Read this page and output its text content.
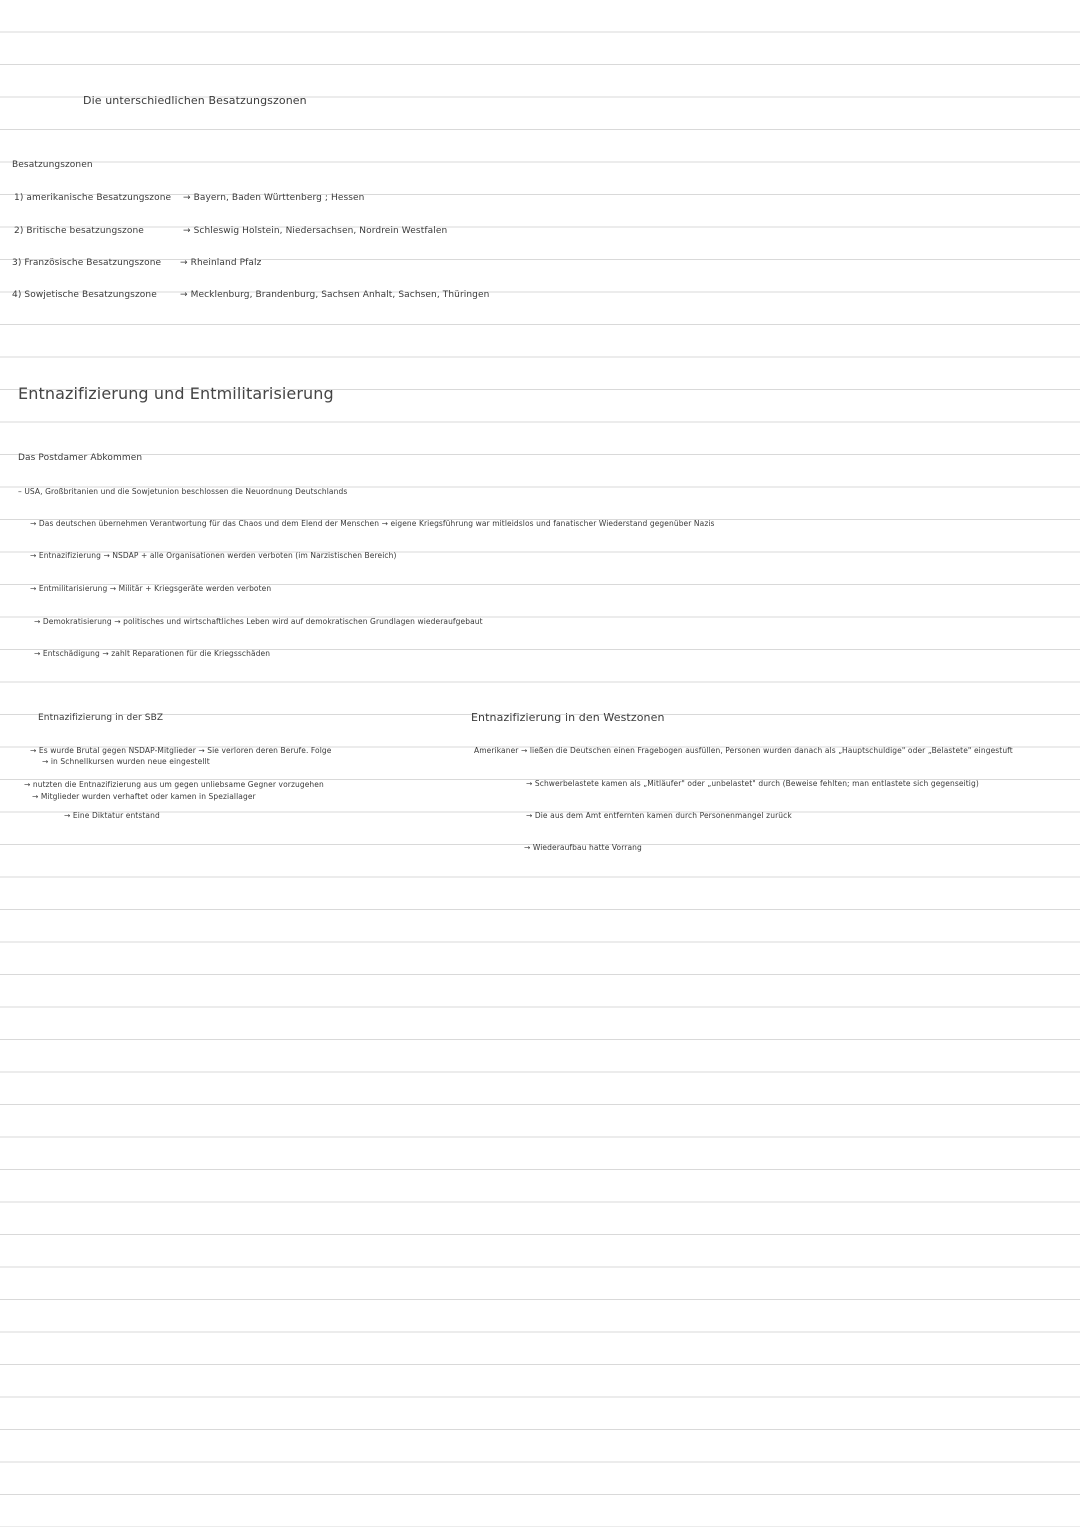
Die unterschiedlichen Besatzungszonen
Besatzungszonen
1) amerikanische Besatzungszone → Bayern, Baden Württenberg ; Hessen
2) Britische besatzungszone	→ Schleswig Holstein, Niedersachsen, Nordrein Westfalen
3) Französische Besatzungszone → Rheinland Pfalz
4) Sowjetische Besatzungszone	→ Mecklenburg, Brandenburg, Sachsen Anhalt, Sachsen, Thüringen
Entnazifizierung und Entmilitarisierung
Das Postdamer Abkommen
– USA, Großbritanien und die Sowjetunion beschlossen die Neuordnung Deutschlands
→ Das deutschen übernehmen Verantwortung für das Chaos und dem Elend der Menschen → eigene Kriegsführung war mitleidslos und fanatischer Wiederstand gegenüber Nazis
→ Entnazifizierung → NSDAP + alle Organisationen werden verboten (im Narzistischen Bereich)
→ Entmilitarisierung → Militär + Kriegsgeräte werden verboten
→ Demokratisierung → politisches und wirtschaftliches Leben wird auf demokratischen Grundlagen wiederaufgebaut
→ Entschädigung → zahlt Reparationen für die Kriegsschäden
Entnazifizierung in der SBZ
→ Es wurde Brutal gegen NSDAP-Mitglieder → Sie verloren deren Berufe. Folge
→ in Schnellkursen wurden neue eingestellt
→ nutzten die Entnazifizierung aus um gegen unliebsame Gegner vorzugehen
→ Mitglieder wurden verhaftet oder kamen in Speziallager
→ Eine Diktatur entstand
Entnazifizierung in den Westzonen
Amerikaner → ließen die Deutschen einen Fragebogen ausfüllen, Personen wurden danach als „Hauptschuldige" oder „Belastete" eingestuft
→ Schwerbelastete kamen als „Mitläufer" oder „unbelastet" durch (Beweise fehlten; man entlastete sich gegenseitig)
→ Die aus dem Amt entfernten kamen durch Personenmangel zurück
→ Wiederaufbau hatte Vorrang
